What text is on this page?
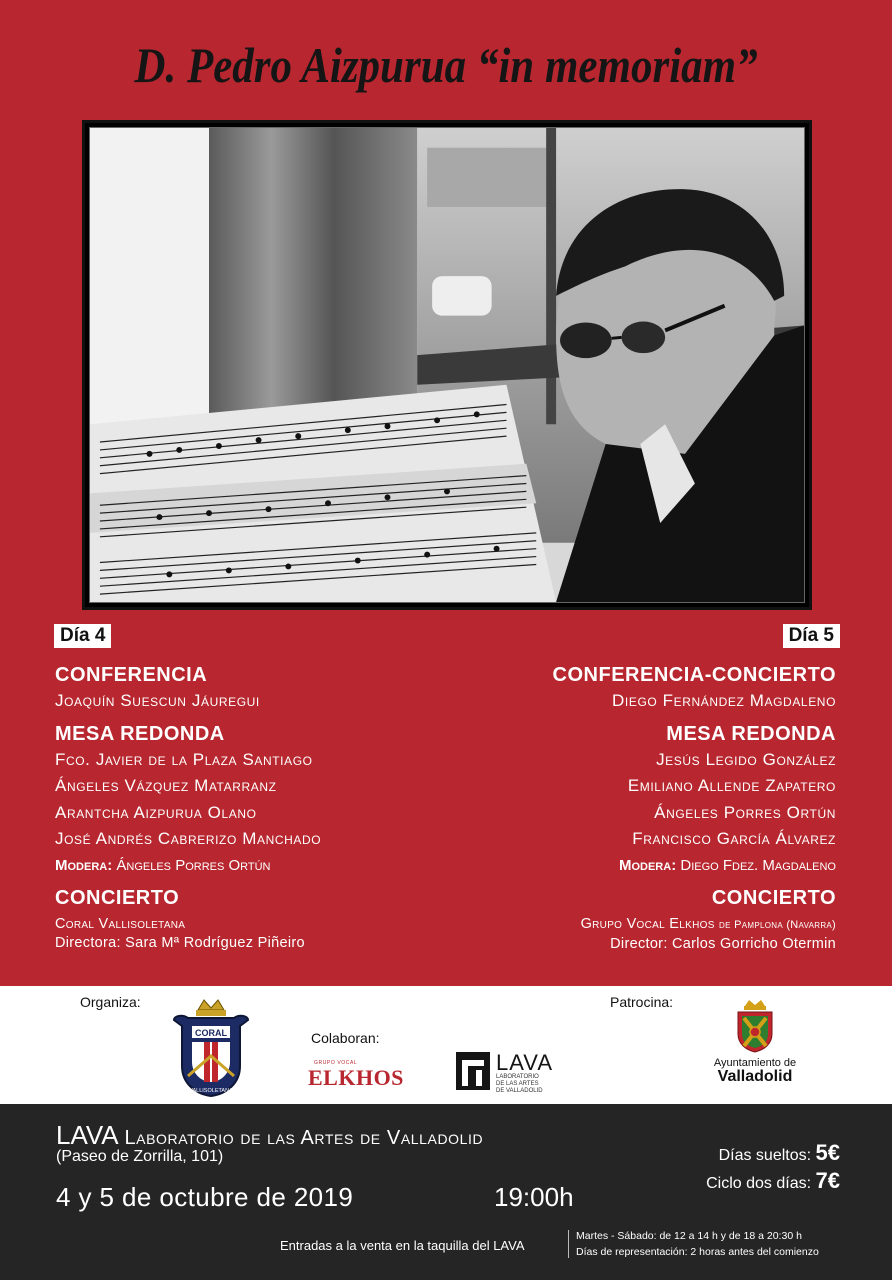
D. Pedro Aizpurua “in memoriam”
Día 4	Día 5
CONFERENCIA
Joaquín Suescun Jáuregui
MESA REDONDA
Fco. Javier de la Plaza Santiago
Ángeles Vázquez Matarranz
Arantcha Aizpurua Olano
José Andrés Cabrerizo Manchado
Modera: Ángeles Porres Ortún
CONCIERTO
Coral Vallisoletana
Directora: Sara Mª Rodríguez Piñeiro
CONFERENCIA-CONCIERTO
Diego Fernández Magdaleno
MESA REDONDA
Jesús Legido González
Emiliano Allende Zapatero
Ángeles Porres Ortún
Francisco García Álvarez
Modera: Diego Fdez. Magdaleno
CONCIERTO
Grupo Vocal Elkhos de Pamplona (Navarra)
Director: Carlos Gorricho Otermin
Organiza:
Colaboran:
Patrocina:
CORAL
VALLISOLETANA
GRUPO VOCAL
ELKHOS
LAVA
LABORATORIO
DE LAS ARTES
DE VALLADOLID
Ayuntamiento de
Valladolid
LAVA Laboratorio de las Artes de Valladolid
(Paseo de Zorrilla, 101)
4 y 5 de octubre de 2019	19:00h
Días sueltos: 5€
Ciclo dos días: 7€
Entradas a la venta en la taquilla del LAVA
Martes - Sábado: de 12 a 14 h y de 18 a 20:30 h
Días de representación: 2 horas antes del comienzo
